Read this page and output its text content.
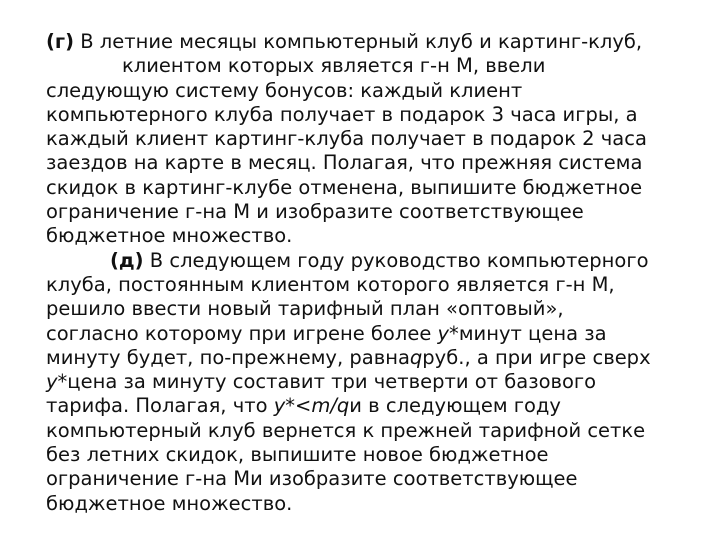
(г) В летние месяцы компьютерный клуб и картинг-клуб,
клиентом которых является г-н М, ввели
следующую систему бонусов: каждый клиент
компьютерного клуба получает в подарок 3 часа игры, а
каждый клиент картинг-клуба получает в подарок 2 часа
заездов на карте в месяц. Полагая, что прежняя система
скидок в картинг-клубе отменена, выпишите бюджетное
ограничение г-на М и изобразите соответствующее
бюджетное множество.
(д) В следующем году руководство компьютерного
клуба, постоянным клиентом которого является г-н М,
решило ввести новый тарифный план «оптовый»,
согласно которому при игрене более y*минут цена за
минуту будет, по-прежнему, равнаqруб., а при игре сверх
y*цена за минуту составит три четверти от базового
тарифа. Полагая, что y*<m/qи в следующем году
компьютерный клуб вернется к прежней тарифной сетке
без летних скидок, выпишите новое бюджетное
ограничение г-на Ми изобразите соответствующее
бюджетное множество.
